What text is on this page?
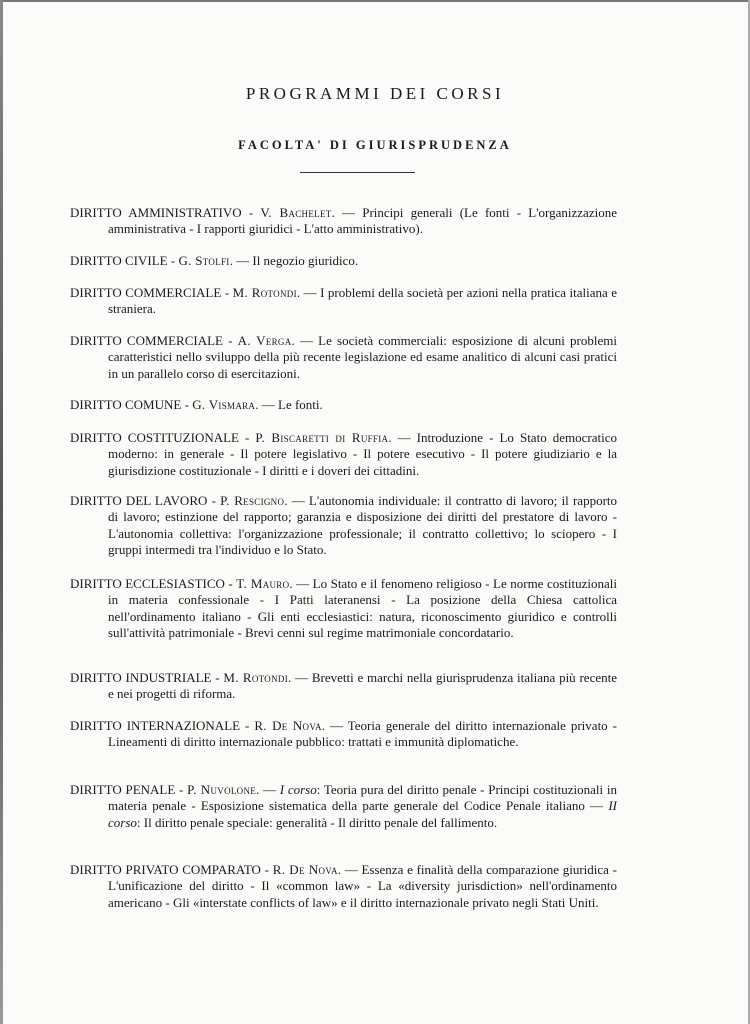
PROGRAMMI DEI CORSI
FACOLTA' DI GIURISPRUDENZA
DIRITTO AMMINISTRATIVO - V. Bachelet. — Principi generali (Le fonti - L'organizzazione amministrativa - I rapporti giuridici - L'atto amministrativo).
DIRITTO CIVILE - G. Stolfi. — Il negozio giuridico.
DIRITTO COMMERCIALE - M. Rotondi. — I problemi della società per azioni nella pratica italiana e straniera.
DIRITTO COMMERCIALE - A. Verga. — Le società commerciali: esposizione di alcuni problemi caratteristici nello sviluppo della più recente legislazione ed esame analitico di alcuni casi pratici in un parallelo corso di esercitazioni.
DIRITTO COMUNE - G. Vismara. — Le fonti.
DIRITTO COSTITUZIONALE - P. Biscaretti di Ruffia. — Introduzione - Lo Stato democratico moderno: in generale - Il potere legislativo - Il potere esecutivo - Il potere giudiziario e la giurisdizione costituzionale - I diritti e i doveri dei cittadini.
DIRITTO DEL LAVORO - P. Rescigno. — L'autonomia individuale: il contratto di lavoro; il rapporto di lavoro; estinzione del rapporto; garanzia e disposizione dei diritti del prestatore di lavoro - L'autonomia collettiva: l'organizzazione professionale; il contratto collettivo; lo sciopero - I gruppi intermedi tra l'individuo e lo Stato.
DIRITTO ECCLESIASTICO - T. Mauro. — Lo Stato e il fenomeno religioso - Le norme costituzionali in materia confessionale - I Patti lateranensi - La posizione della Chiesa cattolica nell'ordinamento italiano - Gli enti ecclesiastici: natura, riconoscimento giuridico e controlli sull'attività patrimoniale - Brevi cenni sul regime matrimoniale concordatario.
DIRITTO INDUSTRIALE - M. Rotondi. — Brevetti e marchi nella giurisprudenza italiana più recente e nei progetti di riforma.
DIRITTO INTERNAZIONALE - R. De Nova. — Teoria generale del diritto internazionale privato - Lineamenti di diritto internazionale pubblico: trattati e immunità diplomatiche.
DIRITTO PENALE - P. Nuvolone. — I corso: Teoria pura del diritto penale - Principi costituzionali in materia penale - Esposizione sistematica della parte generale del Codice Penale italiano — II corso: Il diritto penale speciale: generalità - Il diritto penale del fallimento.
DIRITTO PRIVATO COMPARATO - R. De Nova. — Essenza e finalità della comparazione giuridica - L'unificazione del diritto - Il «common law» - La «diversity jurisdiction» nell'ordinamento americano - Gli «interstate conflicts of law» e il diritto internazionale privato negli Stati Uniti.
